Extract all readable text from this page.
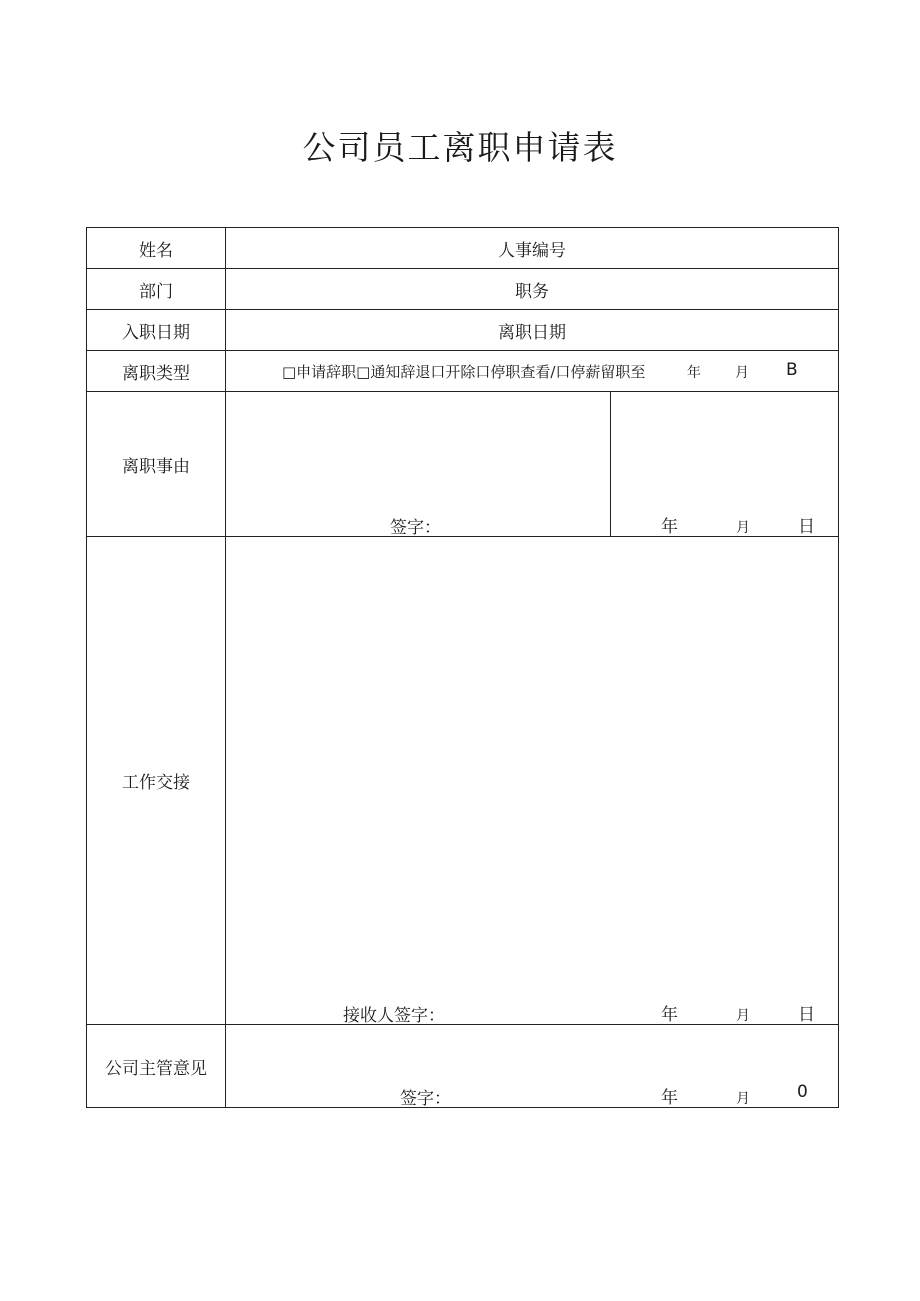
公司员工离职申请表
姓名	人事编号
部门	职务
入职日期	离职日期
离职类型	□申请辞职□通知辞退口开除口停职查看/口停薪留职至	年 月 B
离职事由
签字：	年	月	日
工作交接
接收人签字：	年	月	日
公司主管意见
签字：	年	月	0
